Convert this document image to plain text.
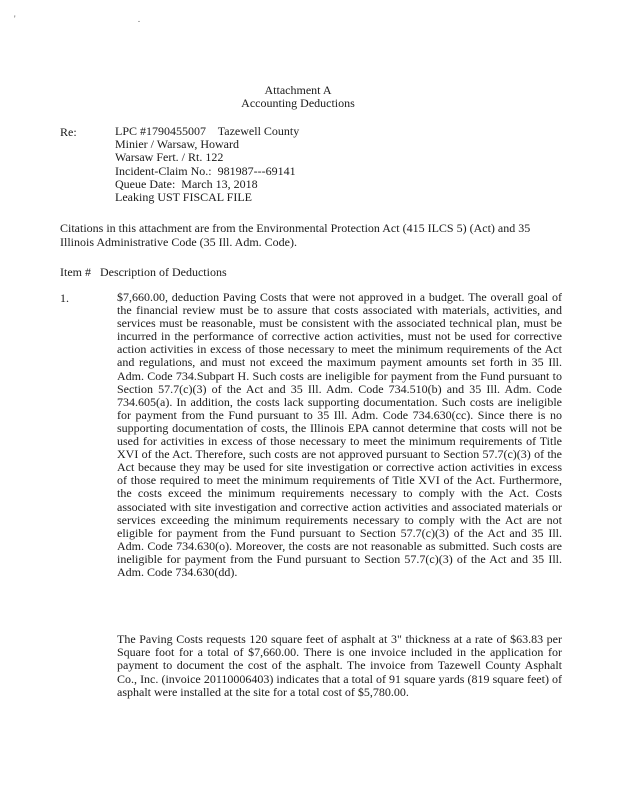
' .
Attachment A
Accounting Deductions
Re:	LPC #1790455007    Tazewell County
Minier / Warsaw, Howard
Warsaw Fert. / Rt. 122
Incident-Claim No.:  981987---69141
Queue Date:  March 13, 2018
Leaking UST FISCAL FILE

Citations in this attachment are from the Environmental Protection Act (415 ILCS 5) (Act) and 35 Illinois Administrative Code (35 Ill. Adm. Code).

Item #   Description of Deductions
1.	$7,660.00, deduction Paving Costs that were not approved in a budget. The overall goal of the financial review must be to assure that costs associated with materials, activities, and services must be reasonable, must be consistent with the associated technical plan, must be incurred in the performance of corrective action activities, must not be used for corrective action activities in excess of those necessary to meet the minimum requirements of the Act and regulations, and must not exceed the maximum payment amounts set forth in 35 Ill. Adm. Code 734.Subpart H. Such costs are ineligible for payment from the Fund pursuant to Section 57.7(c)(3) of the Act and 35 Ill. Adm. Code 734.510(b) and 35 Ill. Adm. Code 734.605(a). In addition, the costs lack supporting documentation. Such costs are ineligible for payment from the Fund pursuant to 35 Ill. Adm. Code 734.630(cc). Since there is no supporting documentation of costs, the Illinois EPA cannot determine that costs will not be used for activities in excess of those necessary to meet the minimum requirements of Title XVI of the Act. Therefore, such costs are not approved pursuant to Section 57.7(c)(3) of the Act because they may be used for site investigation or corrective action activities in excess of those required to meet the minimum requirements of Title XVI of the Act. Furthermore, the costs exceed the minimum requirements necessary to comply with the Act. Costs associated with site investigation and corrective action activities and associated materials or services exceeding the minimum requirements necessary to comply with the Act are not eligible for payment from the Fund pursuant to Section 57.7(c)(3) of the Act and 35 Ill. Adm. Code 734.630(o). Moreover, the costs are not reasonable as submitted. Such costs are ineligible for payment from the Fund pursuant to Section 57.7(c)(3) of the Act and 35 Ill. Adm. Code 734.630(dd).

The Paving Costs requests 120 square feet of asphalt at 3" thickness at a rate of $63.83 per Square foot for a total of $7,660.00. There is one invoice included in the application for payment to document the cost of the asphalt. The invoice from Tazewell County Asphalt Co., Inc. (invoice 20110006403) indicates that a total of 91 square yards (819 square feet) of asphalt were installed at the site for a total cost of $5,780.00.
